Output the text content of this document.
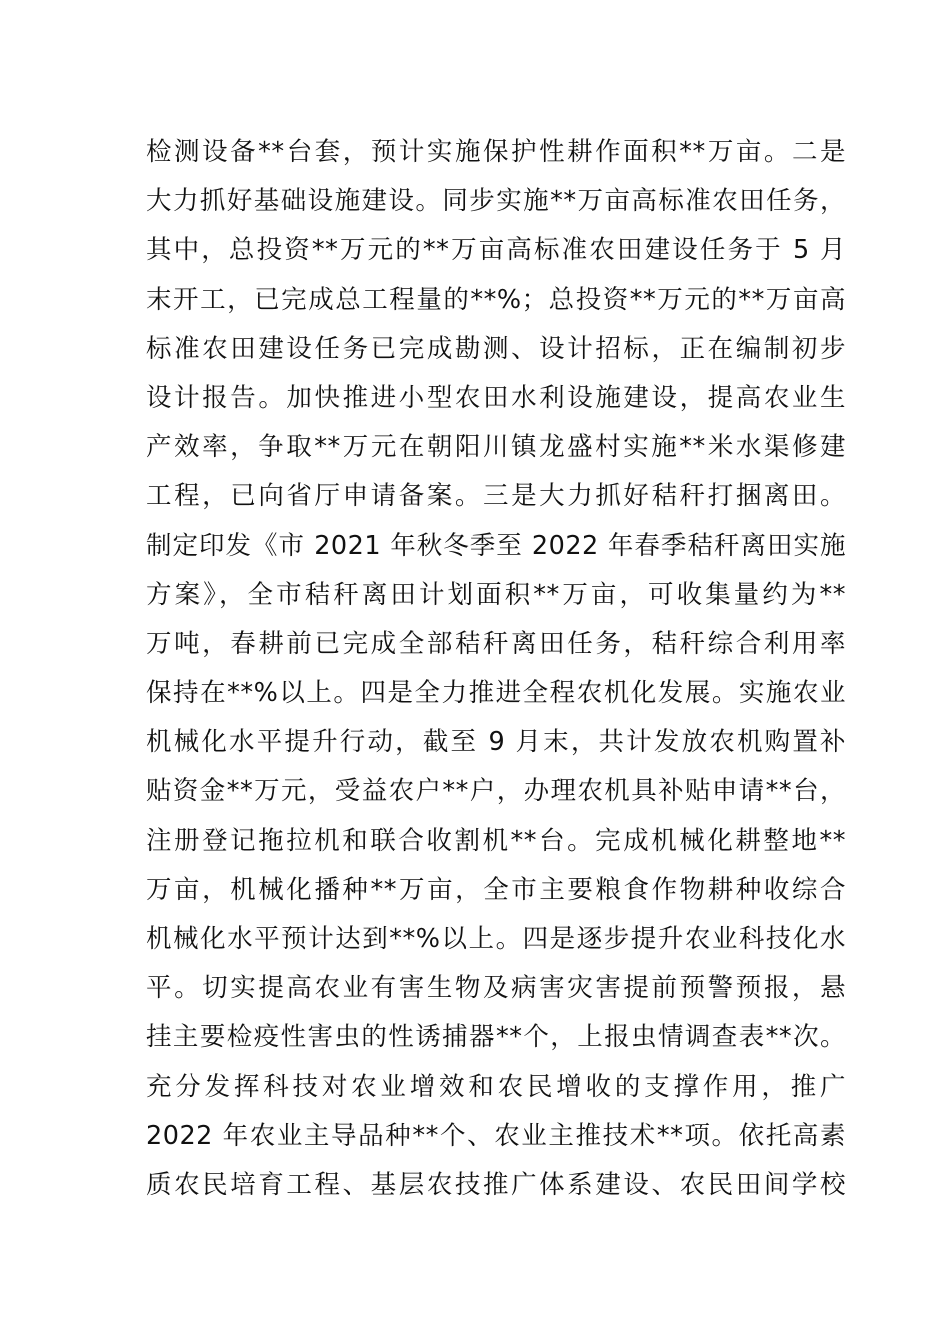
检测设备**台套，预计实施保护性耕作面积**万亩。二是
大力抓好基础设施建设。同步实施**万亩高标准农田任务，
其中，总投资**万元的**万亩高标准农田建设任务于 5 月
末开工，已完成总工程量的**%；总投资**万元的**万亩高
标准农田建设任务已完成勘测、设计招标，正在编制初步
设计报告。加快推进小型农田水利设施建设，提高农业生
产效率，争取**万元在朝阳川镇龙盛村实施**米水渠修建
工程，已向省厅申请备案。三是大力抓好秸秆打捆离田。
制定印发《市 2021 年秋冬季至 2022 年春季秸秆离田实施
方案》，全市秸秆离田计划面积**万亩，可收集量约为**
万吨，春耕前已完成全部秸秆离田任务，秸秆综合利用率
保持在**%以上。四是全力推进全程农机化发展。实施农业
机械化水平提升行动，截至 9 月末，共计发放农机购置补
贴资金**万元，受益农户**户，办理农机具补贴申请**台，
注册登记拖拉机和联合收割机**台。完成机械化耕整地**
万亩，机械化播种**万亩，全市主要粮食作物耕种收综合
机械化水平预计达到**%以上。四是逐步提升农业科技化水
平。切实提高农业有害生物及病害灾害提前预警预报，悬
挂主要检疫性害虫的性诱捕器**个，上报虫情调查表**次。
充分发挥科技对农业增效和农民增收的支撑作用，推广
2022 年农业主导品种**个、农业主推技术**项。依托高素
质农民培育工程、基层农技推广体系建设、农民田间学校
